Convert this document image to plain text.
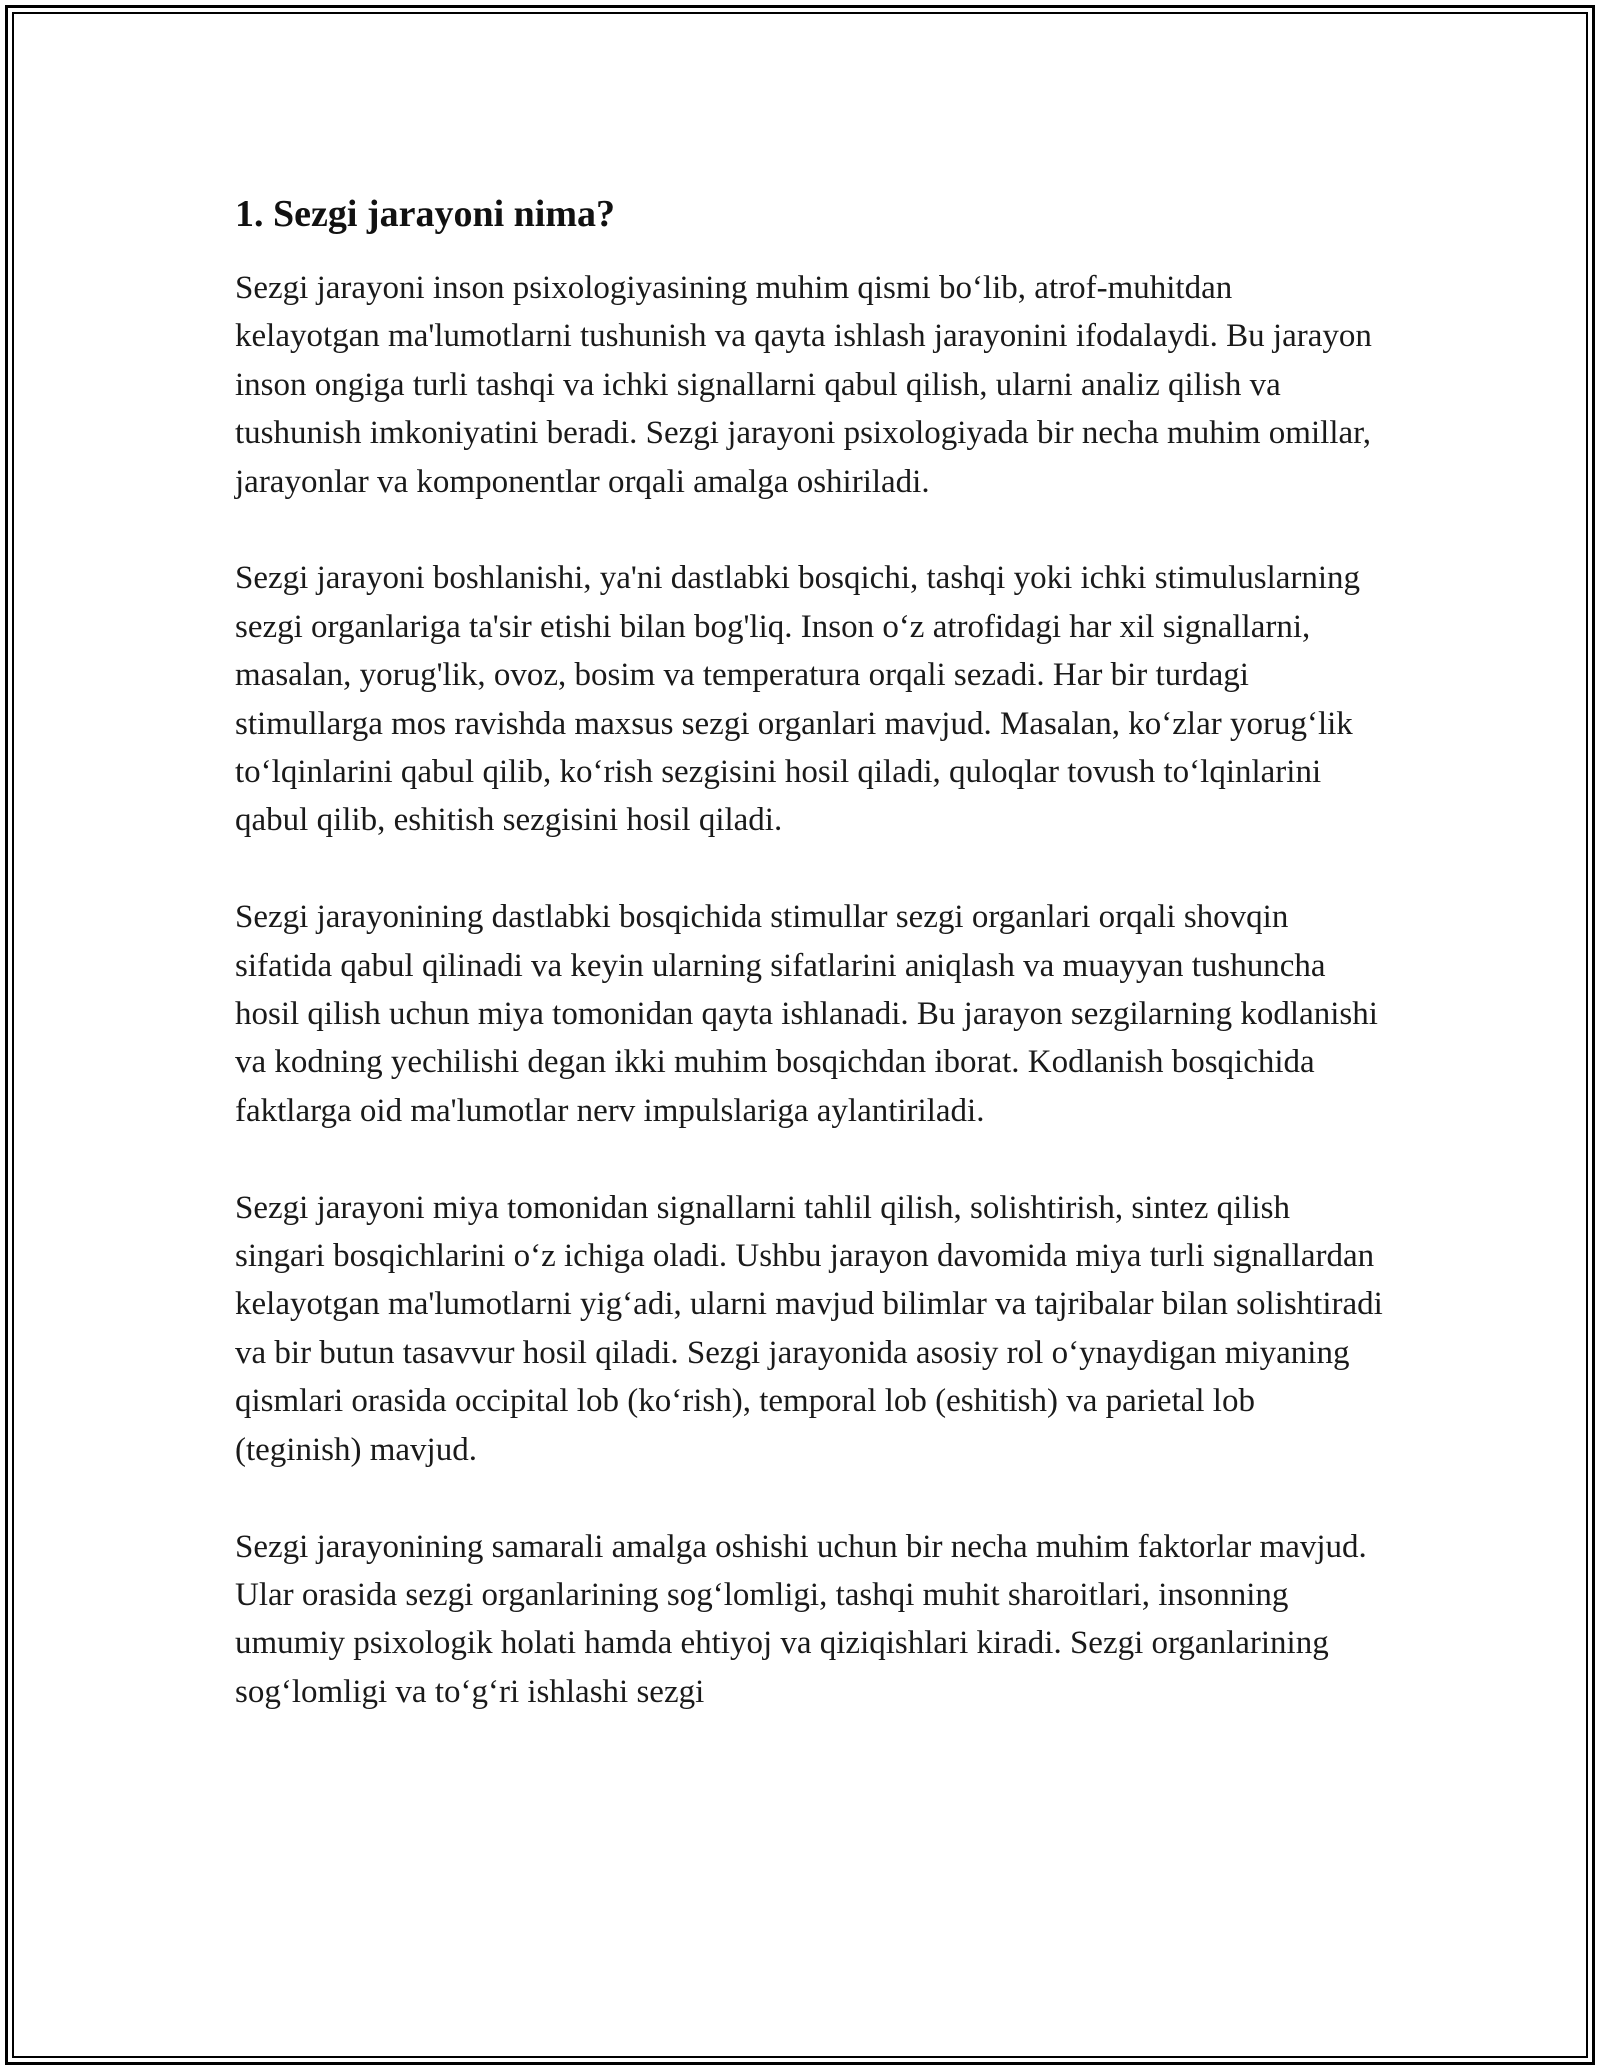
1. Sezgi jarayoni nima?

Sezgi jarayoni inson psixologiyasining muhim qismi bo‘lib, atrof-muhitdan kelayotgan ma'lumotlarni tushunish va qayta ishlash jarayonini ifodalaydi. Bu jarayon inson ongiga turli tashqi va ichki signallarni qabul qilish, ularni analiz qilish va tushunish imkoniyatini beradi. Sezgi jarayoni psixologiyada bir necha muhim omillar, jarayonlar va komponentlar orqali amalga oshiriladi.

Sezgi jarayoni boshlanishi, ya'ni dastlabki bosqichi, tashqi yoki ichki stimuluslarning sezgi organlariga ta'sir etishi bilan bog'liq. Inson o‘z atrofidagi har xil signallarni, masalan, yorug'lik, ovoz, bosim va temperatura orqali sezadi. Har bir turdagi stimullarga mos ravishda maxsus sezgi organlari mavjud. Masalan, ko‘zlar yorug‘lik to‘lqinlarini qabul qilib, ko‘rish sezgisini hosil qiladi, quloqlar tovush to‘lqinlarini qabul qilib, eshitish sezgisini hosil qiladi.

Sezgi jarayonining dastlabki bosqichida stimullar sezgi organlari orqali shovqin sifatida qabul qilinadi va keyin ularning sifatlarini aniqlash va muayyan tushuncha hosil qilish uchun miya tomonidan qayta ishlanadi. Bu jarayon sezgilarning kodlanishi va kodning yechilishi degan ikki muhim bosqichdan iborat. Kodlanish bosqichida faktlarga oid ma'lumotlar nerv impulslariga aylantiriladi.

Sezgi jarayoni miya tomonidan signallarni tahlil qilish, solishtirish, sintez qilish singari bosqichlarini o‘z ichiga oladi. Ushbu jarayon davomida miya turli signallardan kelayotgan ma'lumotlarni yig‘adi, ularni mavjud bilimlar va tajribalar bilan solishtiradi va bir butun tasavvur hosil qiladi. Sezgi jarayonida asosiy rol o‘ynaydigan miyaning qismlari orasida occipital lob (ko‘rish), temporal lob (eshitish) va parietal lob (teginish) mavjud.

Sezgi jarayonining samarali amalga oshishi uchun bir necha muhim faktorlar mavjud. Ular orasida sezgi organlarining sog‘lomligi, tashqi muhit sharoitlari, insonning umumiy psixologik holati hamda ehtiyoj va qiziqishlari kiradi. Sezgi organlarining sog‘lomligi va to‘g‘ri ishlashi sezgi
